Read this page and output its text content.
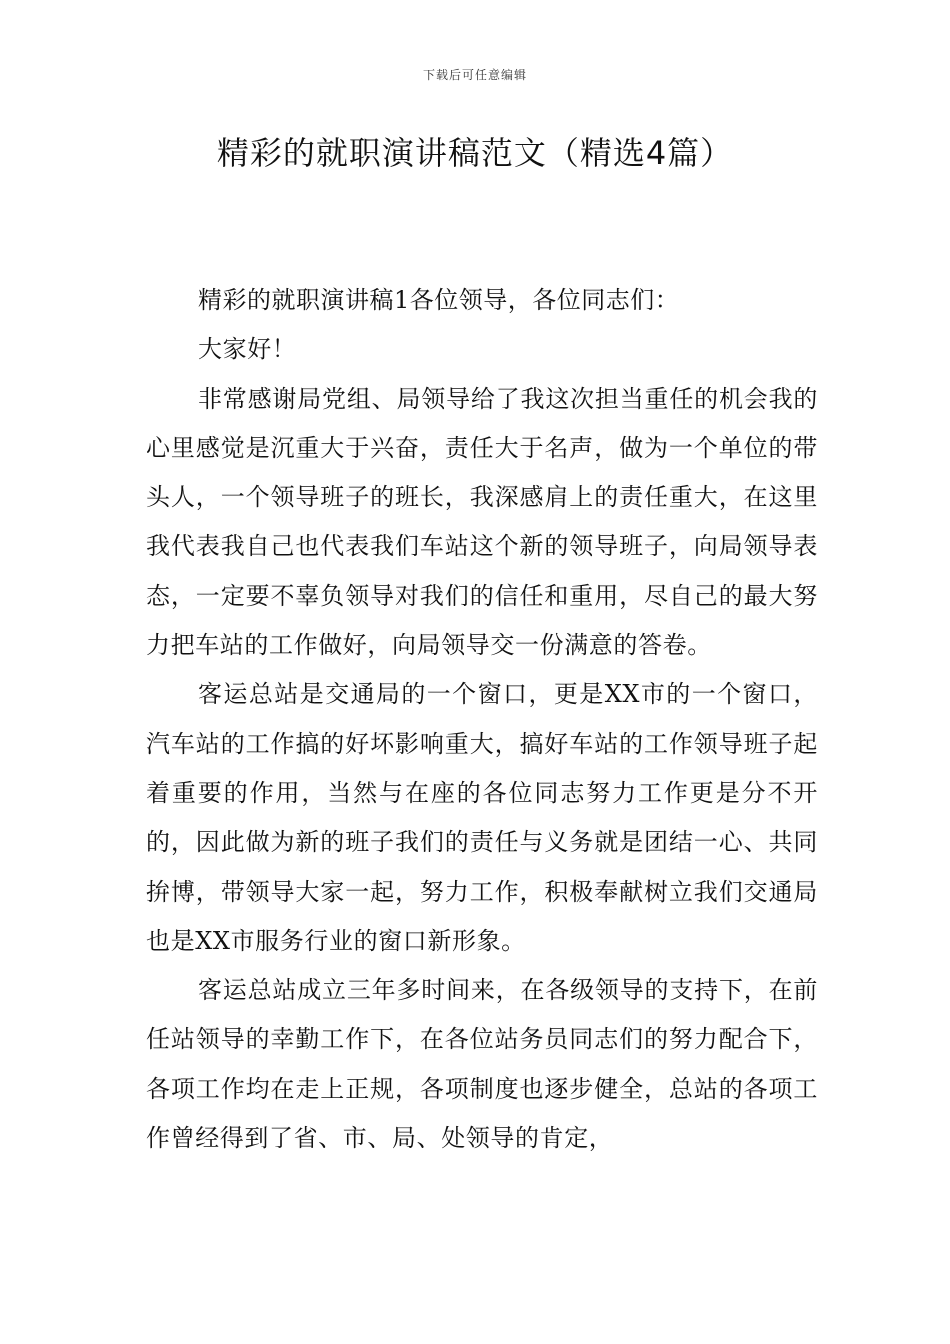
下载后可任意编辑
精彩的就职演讲稿范文（精选4篇）

精彩的就职演讲稿1各位领导，各位同志们：

大家好！

非常感谢局党组、局领导给了我这次担当重任的机会我的心里感觉是沉重大于兴奋，责任大于名声，做为一个单位的带头人，一个领导班子的班长，我深感肩上的责任重大，在这里我代表我自己也代表我们车站这个新的领导班子，向局领导表态，一定要不辜负领导对我们的信任和重用，尽自己的最大努力把车站的工作做好，向局领导交一份满意的答卷。

客运总站是交通局的一个窗口，更是XX市的一个窗口，汽车站的工作搞的好坏影响重大，搞好车站的工作领导班子起着重要的作用，当然与在座的各位同志努力工作更是分不开的，因此做为新的班子我们的责任与义务就是团结一心、共同拚博，带领导大家一起，努力工作，积极奉献树立我们交通局也是XX市服务行业的窗口新形象。

客运总站成立三年多时间来，在各级领导的支持下，在前任站领导的幸勤工作下，在各位站务员同志们的努力配合下，各项工作均在走上正规，各项制度也逐步健全，总站的各项工作曾经得到了省、市、局、处领导的肯定，
